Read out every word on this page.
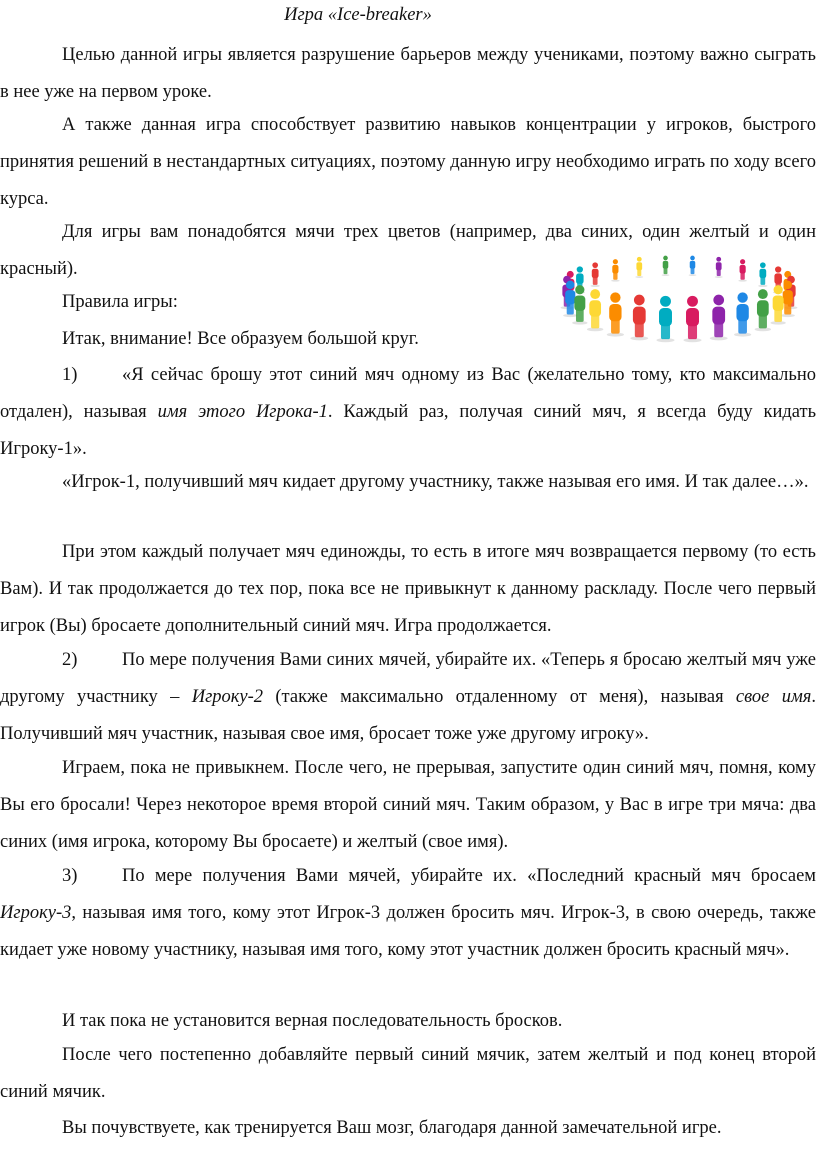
Игра «Ice-breaker»

Целью данной игры является разрушение барьеров между учениками, поэтому важно сыграть в нее уже на первом уроке.

А также данная игра способствует развитию навыков концентрации у игроков, быстрого принятия решений в нестандартных ситуациях, поэтому данную игру необходимо играть по ходу всего курса.

Для игры вам понадобятся мячи трех цветов (например, два синих, один желтый и один красный).

Правила игры:

Итак, внимание! Все образуем большой круг.

1) «Я сейчас брошу этот синий мяч одному из Вас (желательно тому, кто максимально отдален), называя имя этого Игрока-1. Каждый раз, получая синий мяч, я всегда буду кидать Игроку-1».

«Игрок-1, получивший мяч кидает другому участнику, также называя его имя. И так далее…».

При этом каждый получает мяч единожды, то есть в итоге мяч возвращается первому (то есть Вам). И так продолжается до тех пор, пока все не привыкнут к данному раскладу. После чего первый игрок (Вы) бросаете дополнительный синий мяч. Игра продолжается.

2) По мере получения Вами синих мячей, убирайте их. «Теперь я бросаю желтый мяч уже другому участнику – Игроку-2 (также максимально отдаленному от меня), называя свое имя. Получивший мяч участник, называя свое имя, бросает тоже уже другому игроку».

Играем, пока не привыкнем. После чего, не прерывая, запустите один синий мяч, помня, кому Вы его бросали! Через некоторое время второй синий мяч. Таким образом, у Вас в игре три мяча: два синих (имя игрока, которому Вы бросаете) и желтый (свое имя).

3) По мере получения Вами мячей, убирайте их. «Последний красный мяч бросаем Игроку-3, называя имя того, кому этот Игрок-3 должен бросить мяч. Игрок-3, в свою очередь, также кидает уже новому участнику, называя имя того, кому этот участник должен бросить красный мяч».

И так пока не установится верная последовательность бросков.

После чего постепенно добавляйте первый синий мячик, затем желтый и под конец второй синий мячик.

Вы почувствуете, как тренируется Ваш мозг, благодаря данной замечательной игре.
